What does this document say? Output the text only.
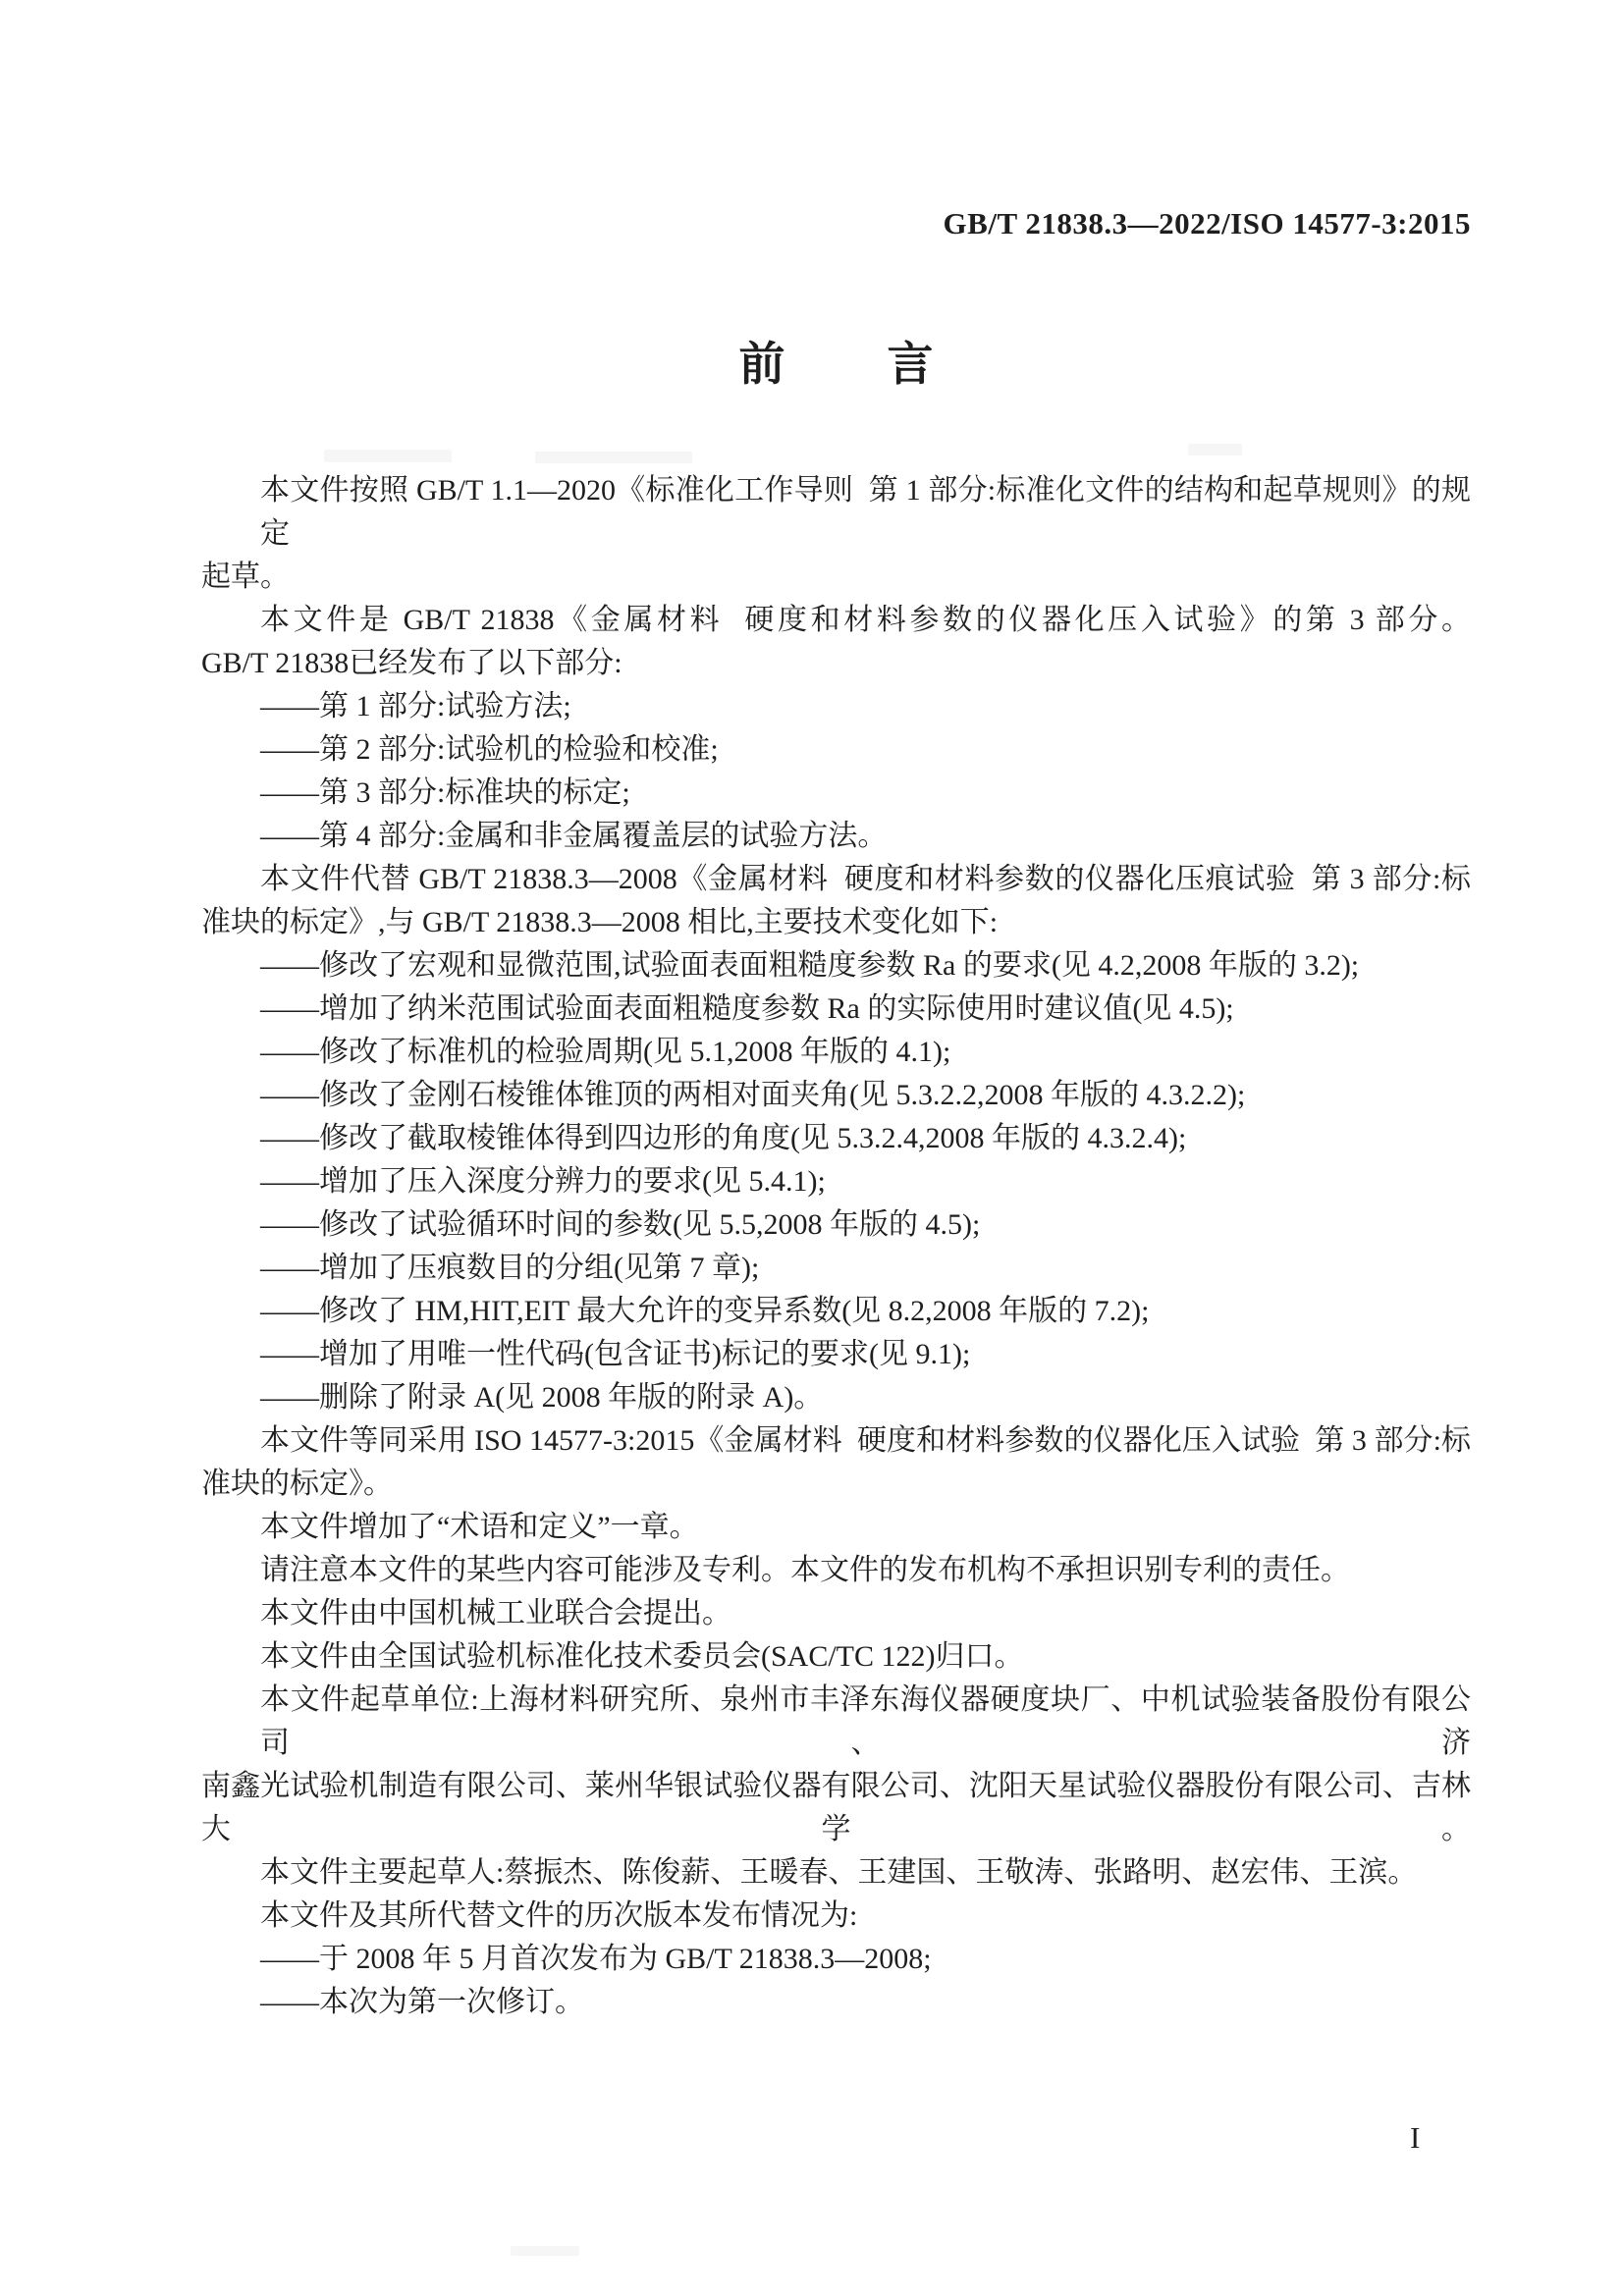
GB/T 21838.3—2022/ISO 14577-3:2015
前 言
本文件按照 GB/T 1.1—2020《标准化工作导则  第 1 部分:标准化文件的结构和起草规则》的规定
起草。
本文件是 GB/T 21838《金属材料  硬度和材料参数的仪器化压入试验》的第 3 部分。
GB/T 21838已经发布了以下部分:
——第 1 部分:试验方法;
——第 2 部分:试验机的检验和校准;
——第 3 部分:标准块的标定;
——第 4 部分:金属和非金属覆盖层的试验方法。
本文件代替 GB/T 21838.3—2008《金属材料  硬度和材料参数的仪器化压痕试验  第 3 部分:标
准块的标定》,与 GB/T 21838.3—2008 相比,主要技术变化如下:
——修改了宏观和显微范围,试验面表面粗糙度参数 Ra 的要求(见 4.2,2008 年版的 3.2);
——增加了纳米范围试验面表面粗糙度参数 Ra 的实际使用时建议值(见 4.5);
——修改了标准机的检验周期(见 5.1,2008 年版的 4.1);
——修改了金刚石棱锥体锥顶的两相对面夹角(见 5.3.2.2,2008 年版的 4.3.2.2);
——修改了截取棱锥体得到四边形的角度(见 5.3.2.4,2008 年版的 4.3.2.4);
——增加了压入深度分辨力的要求(见 5.4.1);
——修改了试验循环时间的参数(见 5.5,2008 年版的 4.5);
——增加了压痕数目的分组(见第 7 章);
——修改了 HM,HIT,EIT 最大允许的变异系数(见 8.2,2008 年版的 7.2);
——增加了用唯一性代码(包含证书)标记的要求(见 9.1);
——删除了附录 A(见 2008 年版的附录 A)。
本文件等同采用 ISO 14577-3:2015《金属材料  硬度和材料参数的仪器化压入试验  第 3 部分:标
准块的标定》。
本文件增加了“术语和定义”一章。
请注意本文件的某些内容可能涉及专利。本文件的发布机构不承担识别专利的责任。
本文件由中国机械工业联合会提出。
本文件由全国试验机标准化技术委员会(SAC/TC 122)归口。
本文件起草单位:上海材料研究所、泉州市丰泽东海仪器硬度块厂、中机试验装备股份有限公司、济
南鑫光试验机制造有限公司、莱州华银试验仪器有限公司、沈阳天星试验仪器股份有限公司、吉林大学。
本文件主要起草人:蔡振杰、陈俊薪、王暖春、王建国、王敬涛、张路明、赵宏伟、王滨。
本文件及其所代替文件的历次版本发布情况为:
——于 2008 年 5 月首次发布为 GB/T 21838.3—2008;
——本次为第一次修订。
I
